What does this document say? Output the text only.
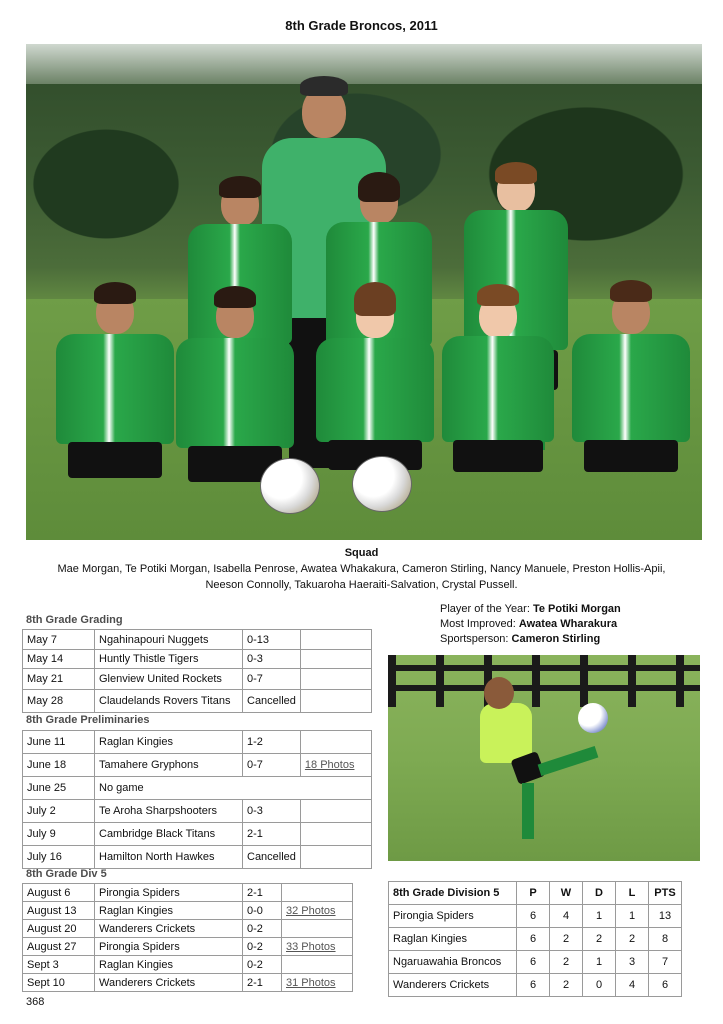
8th Grade Broncos, 2011
Squad
Mae Morgan, Te Potiki Morgan, Isabella Penrose, Awatea Whakakura, Cameron Stirling, Nancy Manuele, Preston Hollis-Apii,
Neeson Connolly, Takuaroha Haeraiti-Salvation, Crystal Pussell.
Player of the Year: Te Potiki Morgan
Most Improved: Awatea Wharakura
Sportsperson: Cameron Stirling
8th Grade Grading
May 7	Ngahinapouri Nuggets	0-13	
May 14	Huntly Thistle Tigers	0-3	
May 21	Glenview United Rockets	0-7	
May 28	Claudelands Rovers Titans	Cancelled	
8th Grade Preliminaries
June 11	Raglan Kingies	1-2	
June 18	Tamahere Gryphons	0-7	18 Photos
June 25	No game		
July 2	Te Aroha Sharpshooters	0-3	
July 9	Cambridge Black Titans	2-1	
July 16	Hamilton North Hawkes	Cancelled	
8th Grade Div 5
August 6	Pirongia Spiders	2-1	
August 13	Raglan Kingies	0-0	32 Photos
August 20	Wanderers Crickets	0-2	
August 27	Pirongia Spiders	0-2	33 Photos
Sept 3	Raglan Kingies	0-2	
Sept 10	Wanderers Crickets	2-1	31 Photos
8th Grade Division 5	P	W	D	L	PTS
Pirongia Spiders	6	4	1	1	13
Raglan Kingies	6	2	2	2	8
Ngaruawahia Broncos	6	2	1	3	7
Wanderers Crickets	6	2	0	4	6
368
